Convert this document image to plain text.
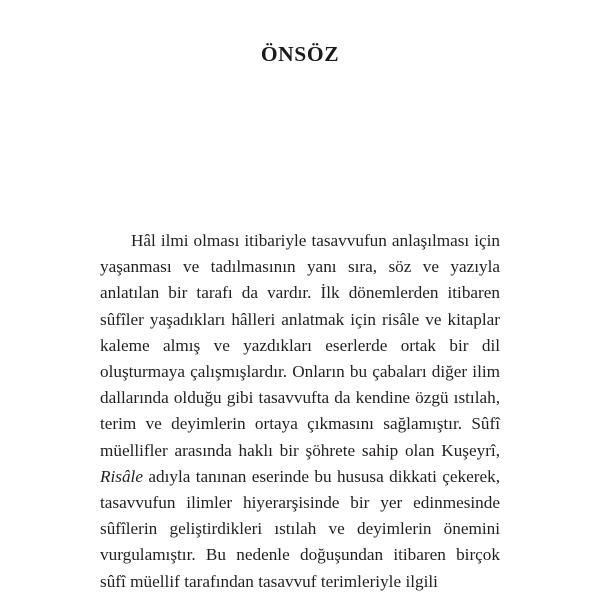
ÖNSÖZ

Hâl ilmi olması itibariyle tasavvufun anlaşılması için yaşanması ve tadılmasının yanı sıra, söz ve yazıyla anlatılan bir tarafı da vardır. İlk dönemlerden itibaren sûfîler yaşadıkları hâlleri anlatmak için risâle ve kitaplar kaleme almış ve yazdıkları eserlerde ortak bir dil oluşturmaya çalışmışlardır. Onların bu çabaları diğer ilim dallarında olduğu gibi tasavvufta da kendine özgü ıstılah, terim ve deyimlerin ortaya çıkmasını sağlamıştır. Sûfî müellifler arasında haklı bir şöhrete sahip olan Kuşeyrî, Risâle adıyla tanınan eserinde bu hususa dikkati çekerek, tasavvufun ilimler hiyerarşisinde bir yer edinmesinde sûfîlerin geliştirdikleri ıstılah ve deyimlerin önemini vurgulamıştır. Bu nedenle doğuşundan itibaren birçok sûfî müellif tarafından tasavvuf terimleriyle ilgili
